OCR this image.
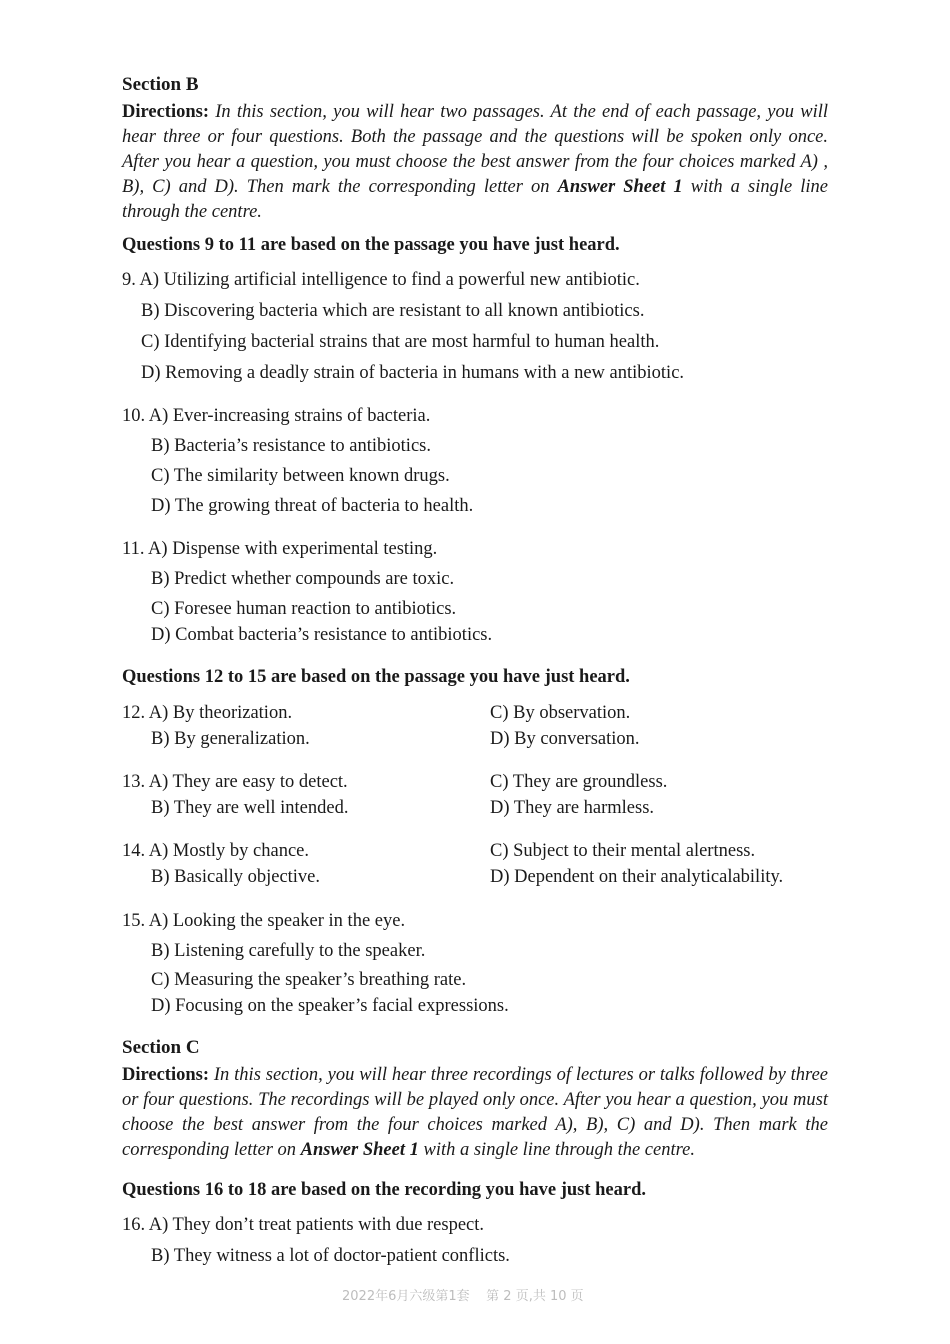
Section B
Directions: In this section, you will hear two passages. At the end of each passage, you will hear three or four questions. Both the passage and the questions will be spoken only once. After you hear a question, you must choose the best answer from the four choices marked A) , B), C) and D). Then mark the corresponding letter on Answer Sheet 1 with a single line through the centre.
Questions 9 to 11 are based on the passage you have just heard.
9. A) Utilizing artificial intelligence to find a powerful new antibiotic.
B) Discovering bacteria which are resistant to all known antibiotics.
C) Identifying bacterial strains that are most harmful to human health.
D) Removing a deadly strain of bacteria in humans with a new antibiotic.
10. A) Ever-increasing strains of bacteria.
B) Bacteria’s resistance to antibiotics.
C) The similarity between known drugs.
D) The growing threat of bacteria to health.
11. A) Dispense with experimental testing.
B) Predict whether compounds are toxic.
C) Foresee human reaction to antibiotics.
D) Combat bacteria’s resistance to antibiotics.
Questions 12 to 15 are based on the passage you have just heard.
12. A) By theorization.	C) By observation.
B) By generalization.	D) By conversation.
13. A) They are easy to detect.	C) They are groundless.
B) They are well intended.	D) They are harmless.
14. A) Mostly by chance.	C) Subject to their mental alertness.
B) Basically objective.	D) Dependent on their analyticalability.
15. A) Looking the speaker in the eye.
B) Listening carefully to the speaker.
C) Measuring the speaker’s breathing rate.
D) Focusing on the speaker’s facial expressions.
Section C
Directions: In this section, you will hear three recordings of lectures or talks followed by three or four questions. The recordings will be played only once. After you hear a question, you must choose the best answer from the four choices marked A), B), C) and D). Then mark the corresponding letter on Answer Sheet 1 with a single line through the centre.
Questions 16 to 18 are based on the recording you have just heard.
16. A) They don’t treat patients with due respect.
B) They witness a lot of doctor-patient conflicts.
2022年6月六级第1套    第 2 页,共 10 页
